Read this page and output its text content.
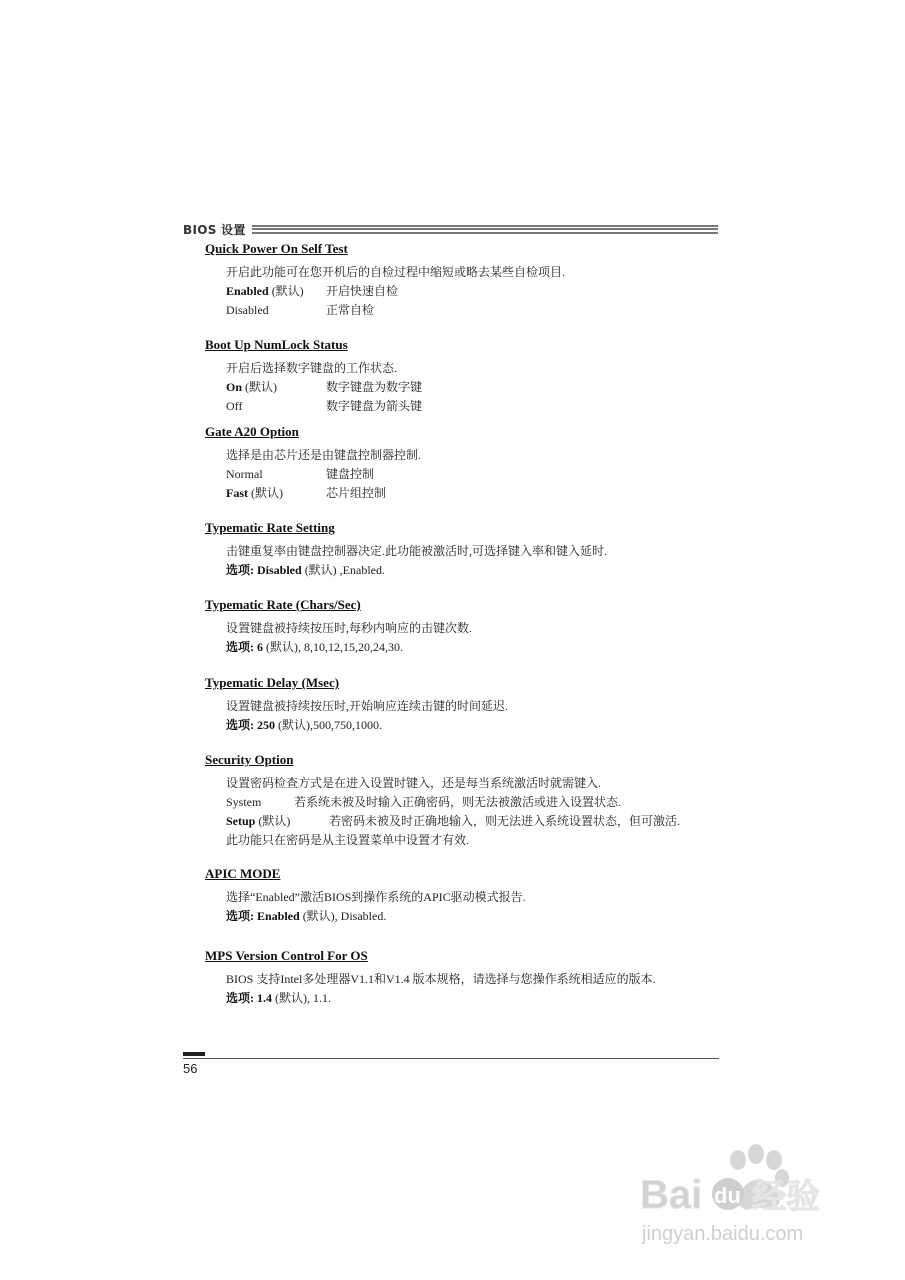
BIOS 设置
Quick Power On Self Test
开启此功能可在您开机后的自检过程中缩短或略去某些自检项目.
Enabled (默认) 开启快速自检
Disabled	正常自检
Boot Up NumLock Status
开启后选择数字键盘的工作状态.
On (默认)	数字键盘为数字键
Off	数字键盘为箭头键
Gate A20 Option
选择是由芯片还是由键盘控制器控制.
Normal	键盘控制
Fast (默认)	芯片组控制
Typematic Rate Setting
击键重复率由键盘控制器决定.此功能被激活时,可选择键入率和键入延时.
选项: Disabled (默认) ,Enabled.
Typematic Rate (Chars/Sec)
设置键盘被持续按压时,每秒内响应的击键次数.
选项: 6 (默认), 8,10,12,15,20,24,30.
Typematic Delay (Msec)
设置键盘被持续按压时,开始响应连续击键的时间延迟.
选项: 250 (默认),500,750,1000.
Security Option
设置密码检查方式是在进入设置时键入，还是每当系统激活时就需键入.
System	若系统未被及时输入正确密码，则无法被激活或进入设置状态.
Setup (默认)	若密码未被及时正确地输入，则无法进入系统设置状态，但可激活.
此功能只在密码是从主设置菜单中设置才有效.
APIC MODE
选择“Enabled”激活BIOS到操作系统的APIC驱动模式报告.
选项: Enabled (默认), Disabled.
MPS Version Control For OS
BIOS 支持Intel多处理器V1.1和V1.4 版本规格，请选择与您操作系统相适应的版本.
选项: 1.4 (默认), 1.1.
56
Bai du 经验
jingyan.baidu.com
